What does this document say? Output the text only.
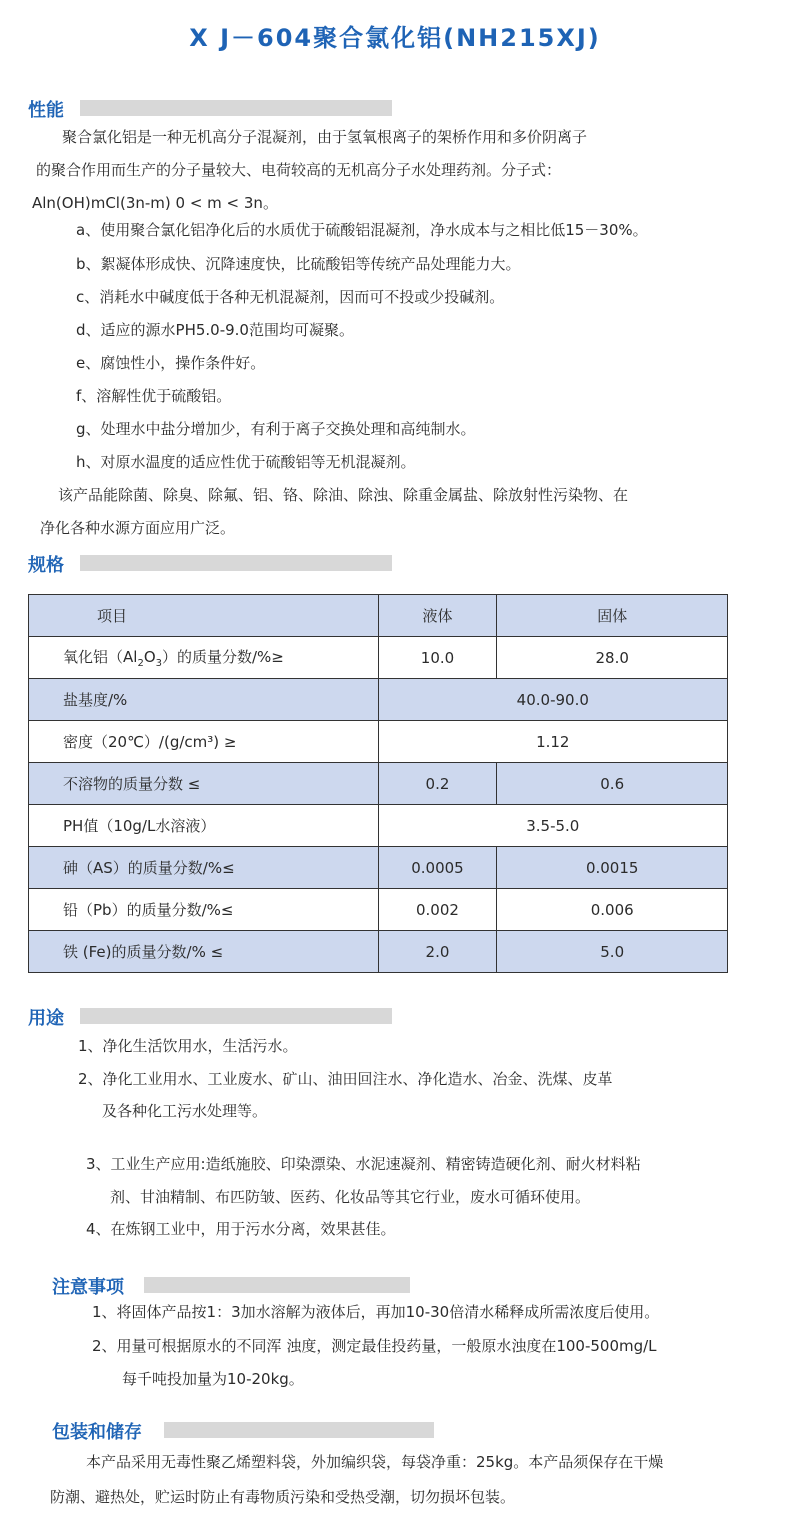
X J－604聚合氯化铝(NH215XJ)
性能
聚合氯化铝是一种无机高分子混凝剂，由于氢氧根离子的架桥作用和多价阴离子
的聚合作用而生产的分子量较大、电荷较高的无机高分子水处理药剂。分子式：
Aln(OH)mCl(3n-m) 0 < m < 3n。
a、使用聚合氯化铝净化后的水质优于硫酸铝混凝剂，净水成本与之相比低15－30%。
b、絮凝体形成快、沉降速度快，比硫酸铝等传统产品处理能力大。
c、消耗水中碱度低于各种无机混凝剂，因而可不投或少投碱剂。
d、适应的源水PH5.0-9.0范围均可凝聚。
e、腐蚀性小，操作条件好。
f、溶解性优于硫酸铝。
g、处理水中盐分增加少，有利于离子交换处理和高纯制水。
h、对原水温度的适应性优于硫酸铝等无机混凝剂。
该产品能除菌、除臭、除氟、铝、铬、除油、除浊、除重金属盐、除放射性污染物、在
净化各种水源方面应用广泛。
规格
项目	液体	固体
氧化铝$(Al_2O_3)$的质量分数/%≥	10.0	28.0
盐基度/%	40.0-90.0	
密度（20℃）/(g/cm³) ≥	1.12	
不溶物的质量分数 ≤	0.2	0.6
PH值（10g/L水溶液）	3.5-5.0	
砷（AS）的质量分数/%≤	0.0005	0.0015
铅（Pb）的质量分数/%≤	0.002	0.006
铁 (Fe)的质量分数/% ≤	2.0	5.0
用途
1、净化生活饮用水，生活污水。
2、净化工业用水、工业废水、矿山、油田回注水、净化造水、冶金、洗煤、皮革
及各种化工污水处理等。
3、工业生产应用:造纸施胶、印染漂染、水泥速凝剂、精密铸造硬化剂、耐火材料粘
剂、甘油精制、布匹防皱、医药、化妆品等其它行业，废水可循环使用。
4、在炼钢工业中，用于污水分离，效果甚佳。
注意事项
1、将固体产品按1：3加水溶解为液体后，再加10-30倍清水稀释成所需浓度后使用。
2、用量可根据原水的不同浑 浊度，测定最佳投药量，一般原水浊度在100-500mg/L
每千吨投加量为10-20kg。
包装和储存
本产品采用无毒性聚乙烯塑料袋，外加编织袋，每袋净重：25kg。本产品须保存在干燥
防潮、避热处，贮运时防止有毒物质污染和受热受潮，切勿损坏包装。
